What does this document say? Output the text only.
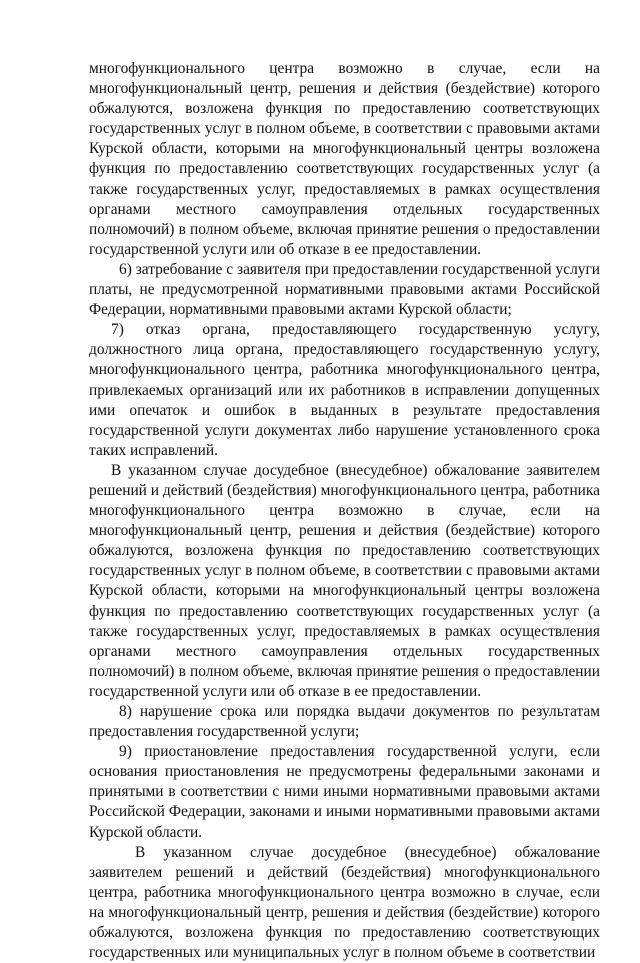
многофункционального центра возможно в случае, если на многофункциональный центр, решения и действия (бездействие) которого обжалуются, возложена функция по предоставлению соответствующих государственных услуг в полном объеме, в соответствии с правовыми актами Курской области, которыми на многофункциональный центры возложена функция по предоставлению соответствующих государственных услуг (а также государственных услуг, предоставляемых в рамках осуществления органами местного самоуправления отдельных государственных полномочий) в полном объеме, включая принятие решения о предоставлении государственной услуги или об отказе в ее предоставлении.

6) затребование с заявителя при предоставлении государственной услуги платы, не предусмотренной нормативными правовыми актами Российской Федерации, нормативными правовыми актами Курской области;

7) отказ органа, предоставляющего государственную услугу, должностного лица органа, предоставляющего государственную услугу, многофункционального центра, работника многофункционального центра, привлекаемых организаций или их работников в исправлении допущенных ими опечаток и ошибок в выданных в результате предоставления государственной услуги документах либо нарушение установленного срока таких исправлений.

В указанном случае досудебное (внесудебное) обжалование заявителем решений и действий (бездействия) многофункционального центра, работника многофункционального центра возможно в случае, если на многофункциональный центр, решения и действия (бездействие) которого обжалуются, возложена функция по предоставлению соответствующих государственных услуг в полном объеме, в соответствии с правовыми актами Курской области, которыми на многофункциональный центры возложена функция по предоставлению соответствующих государственных услуг (а также государственных услуг, предоставляемых в рамках осуществления органами местного самоуправления отдельных государственных полномочий) в полном объеме, включая принятие решения о предоставлении государственной услуги или об отказе в ее предоставлении.

8) нарушение срока или порядка выдачи документов по результатам предоставления государственной услуги;

9) приостановление предоставления государственной услуги, если основания приостановления не предусмотрены федеральными законами и принятыми в соответствии с ними иными нормативными правовыми актами Российской Федерации, законами и иными нормативными правовыми актами Курской области.

В указанном случае досудебное (внесудебное) обжалование заявителем решений и действий (бездействия) многофункционального центра, работника многофункционального центра возможно в случае, если на многофункциональный центр, решения и действия (бездействие) которого обжалуются, возложена функция по предоставлению соответствующих государственных или муниципальных услуг в полном объеме в соответствии
